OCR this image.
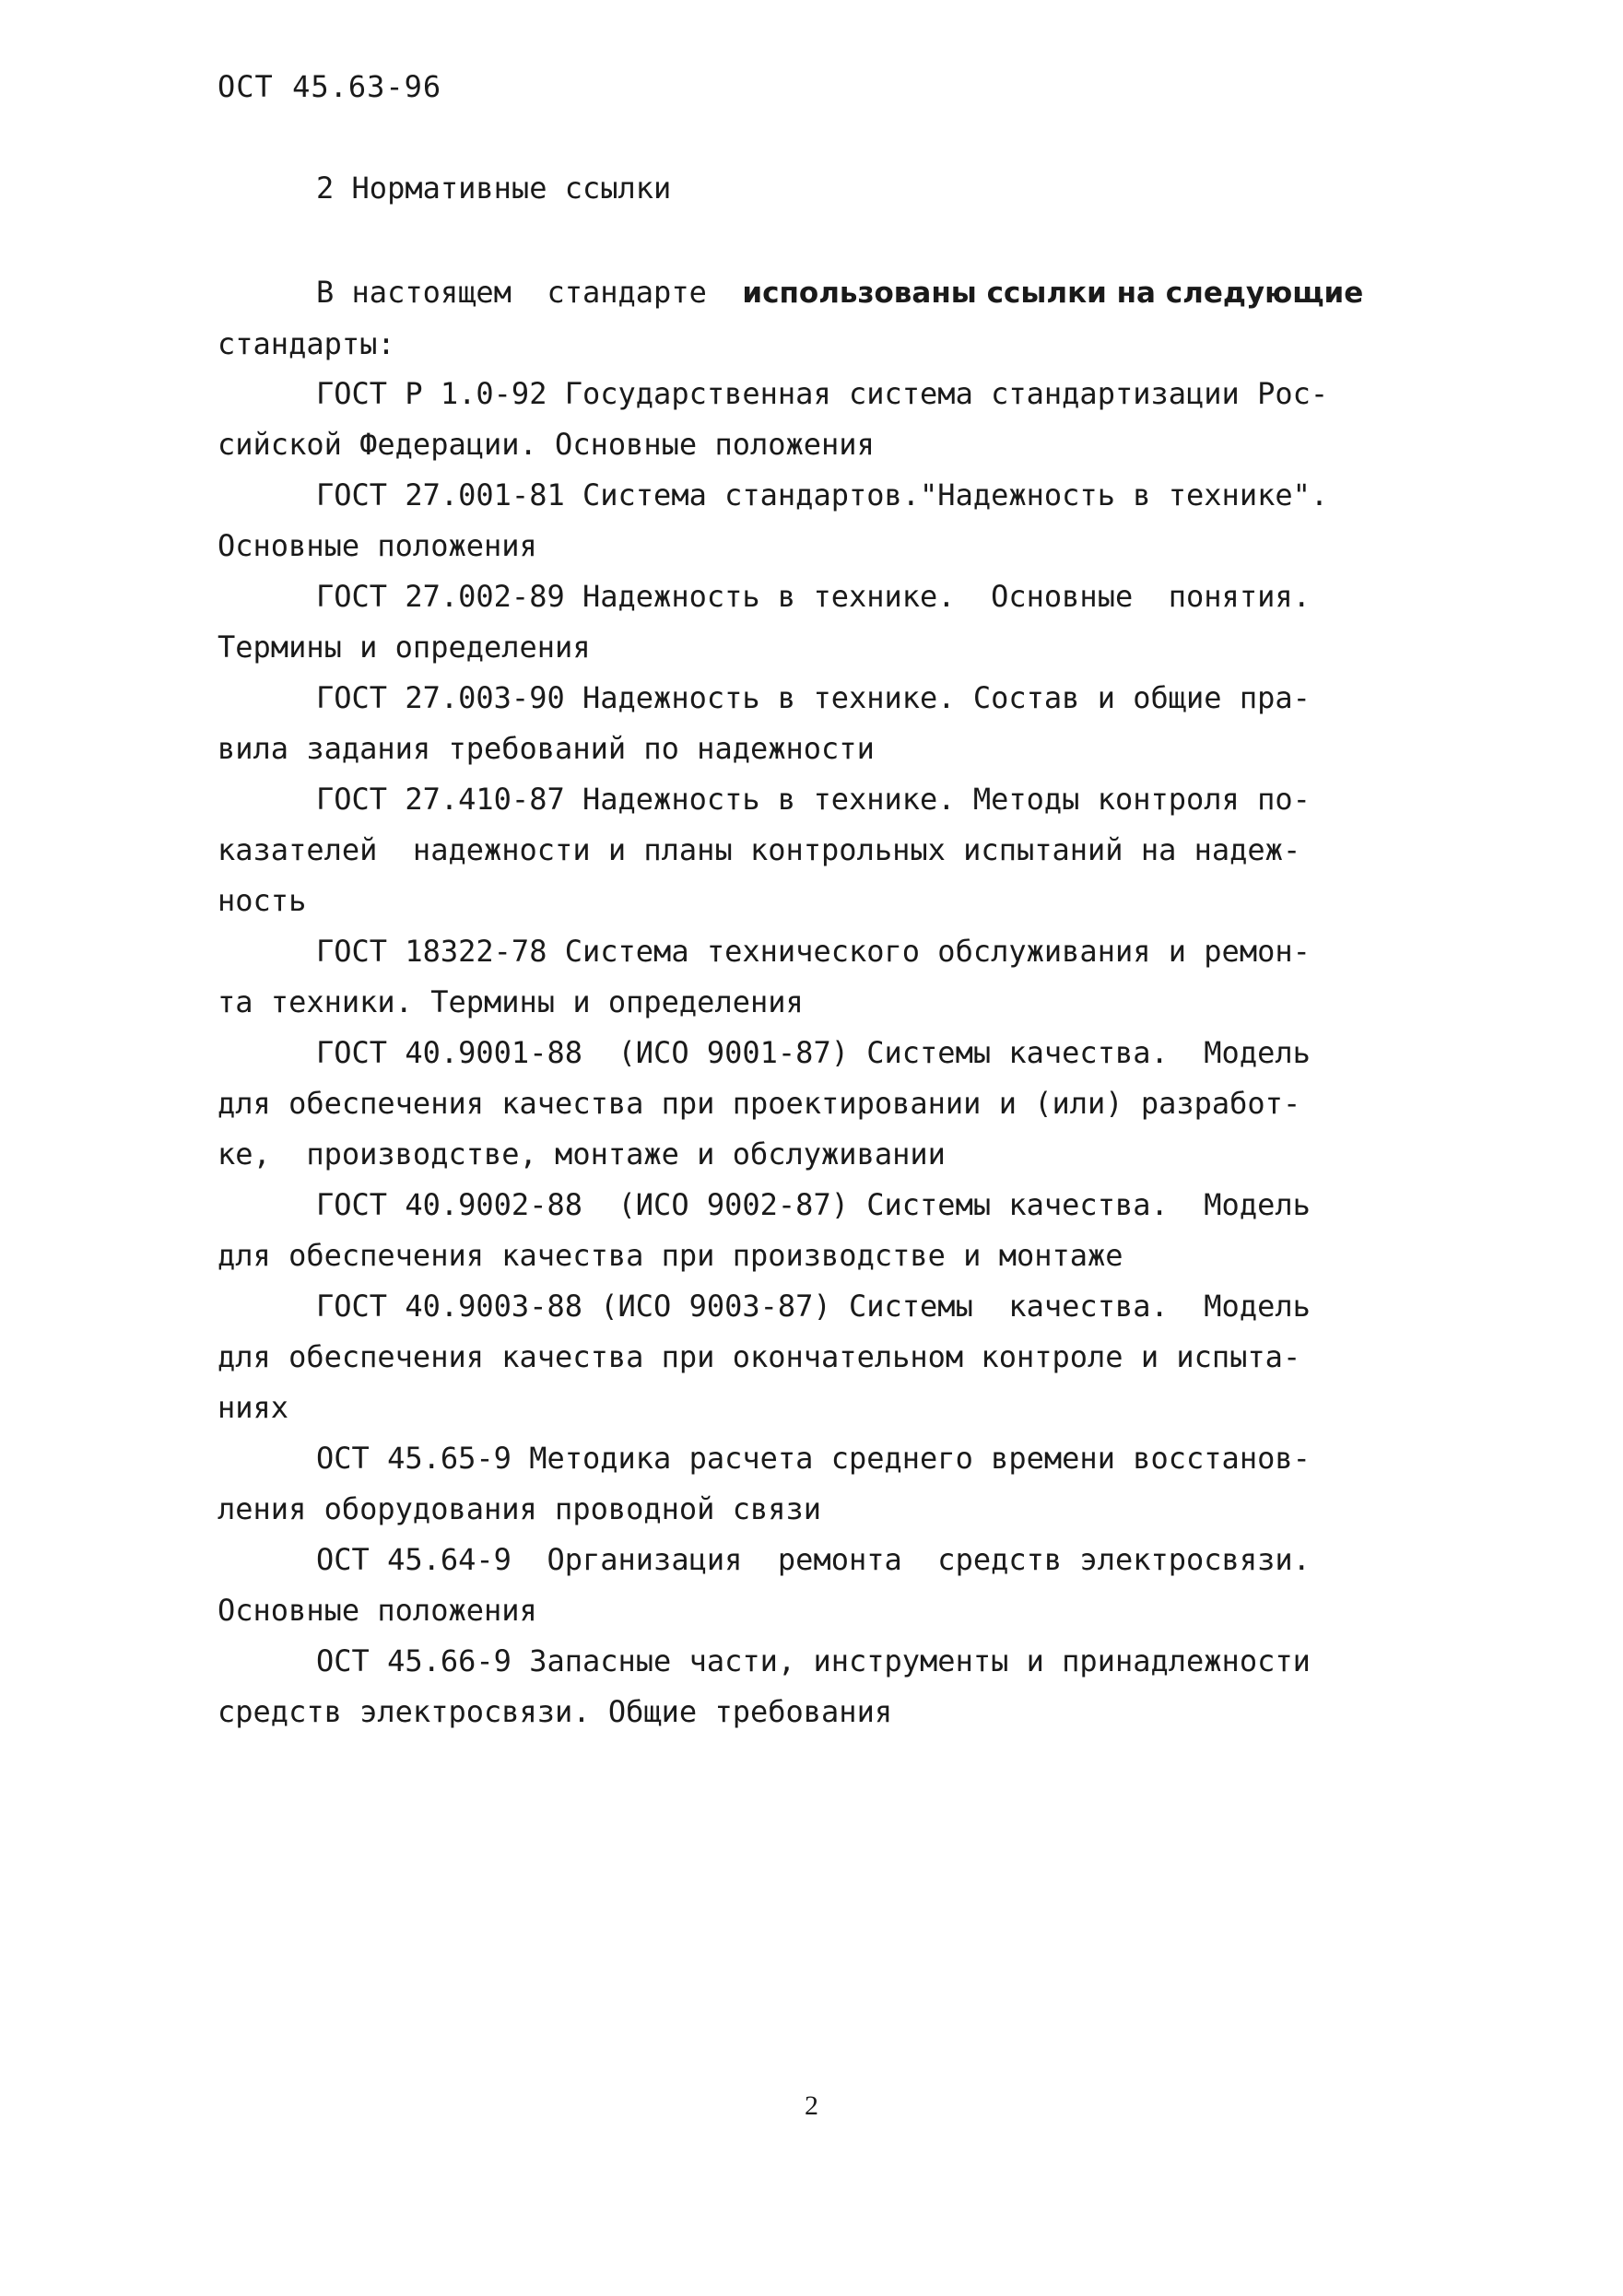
ОСТ 45.63-96
2 Нормативные ссылки
В настоящем  стандарте  использованы ссылки на следующие
стандарты:
ГОСТ Р 1.0-92 Государственная система стандартизации Рос-
сийской Федерации. Основные положения
ГОСТ 27.001-81 Система стандартов."Надежность в технике".
Основные положения
ГОСТ 27.002-89 Надежность в технике.  Основные  понятия.
Термины и определения
ГОСТ 27.003-90 Надежность в технике. Состав и общие пра-
вила задания требований по надежности
ГОСТ 27.410-87 Надежность в технике. Методы контроля по-
казателей  надежности и планы контрольных испытаний на надеж-
ность
ГОСТ 18322-78 Система технического обслуживания и ремон-
та техники. Термины и определения
ГОСТ 40.9001-88  (ИСО 9001-87) Системы качества.  Модель
для обеспечения качества при проектировании и (или) разработ-
ке,  производстве, монтаже и обслуживании
ГОСТ 40.9002-88  (ИСО 9002-87) Системы качества.  Модель
для обеспечения качества при производстве и монтаже
ГОСТ 40.9003-88 (ИСО 9003-87) Системы  качества.  Модель
для обеспечения качества при окончательном контроле и испыта-
ниях
ОСТ 45.65-9 Методика расчета среднего времени восстанов-
ления оборудования проводной связи
ОСТ 45.64-9  Организация  ремонта  средств электросвязи.
Основные положения
ОСТ 45.66-9 Запасные части, инструменты и принадлежности
средств электросвязи. Общие требования
2
